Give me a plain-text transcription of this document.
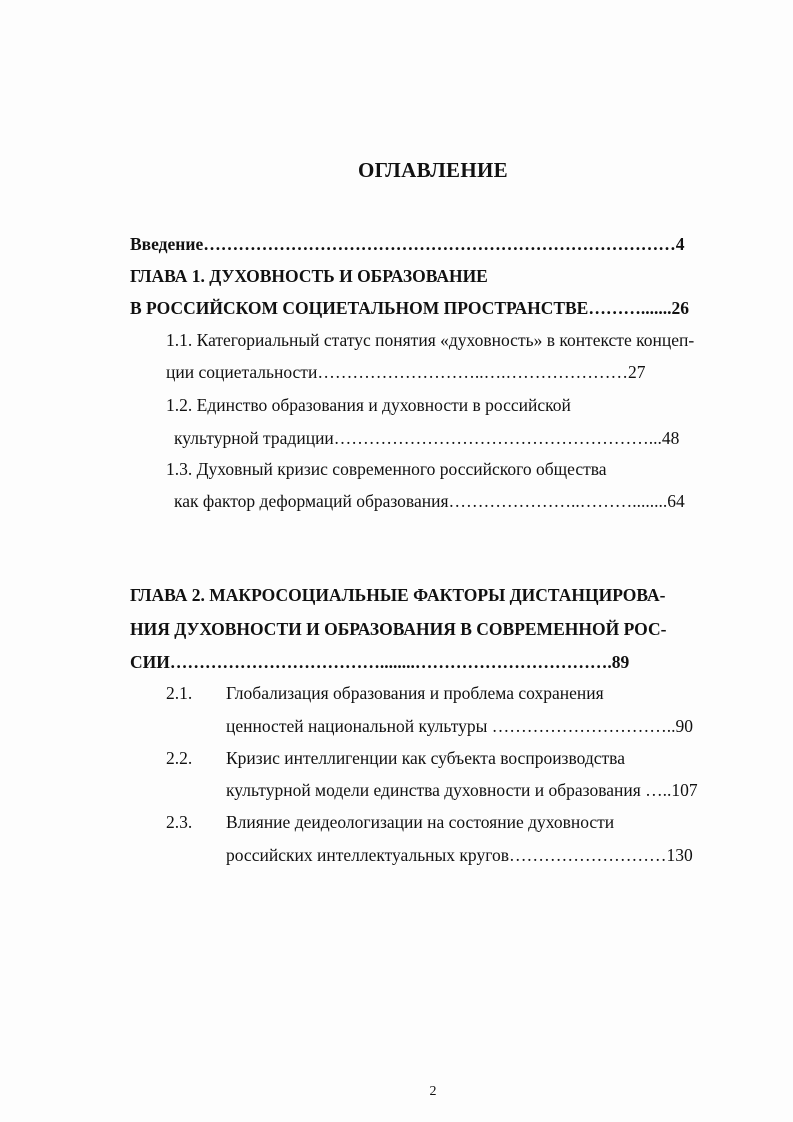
ОГЛАВЛЕНИЕ
Введение………………………………………………………………………4
ГЛАВА 1. ДУХОВНОСТЬ И ОБРАЗОВАНИЕ
В РОССИЙСКОМ СОЦИЕТАЛЬНОМ ПРОСТРАНСТВЕ……….......26
1.1. Категориальный статус понятия «духовность» в контексте концеп-
ции социетальности………………………..….…………………27
1.2. Единство образования и духовности в российской
культурной традиции………………………………………………...48
1.3. Духовный кризис современного российского общества
как фактор деформаций образования…………………..………........64
ГЛАВА 2. МАКРОСОЦИАЛЬНЫЕ ФАКТОРЫ ДИСТАНЦИРОВА-
НИЯ ДУХОВНОСТИ И ОБРАЗОВАНИЯ В СОВРЕМЕННОЙ РОС-
СИИ………………………………........…………………………….89
2.1. Глобализация образования и проблема сохранения
ценностей национальной культуры …………………………..90
2.2. Кризис интеллигенции как субъекта воспроизводства
культурной модели единства духовности и образования …..107
2.3. Влияние деидеологизации на состояние духовности
российских интеллектуальных кругов………………………130
2
